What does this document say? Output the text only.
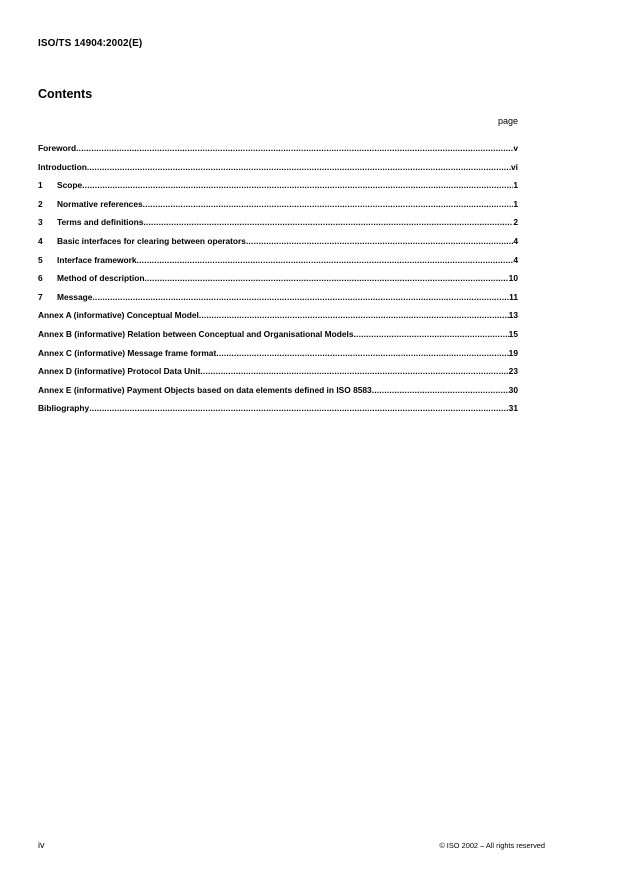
ISO/TS 14904:2002(E)
Contents
page
Foreword .....	v
Introduction .....	vi
1	Scope .....	1
2	Normative references .....	1
3	Terms and definitions .....	2
4	Basic interfaces for clearing between operators .....	4
5	Interface framework .....	4
6	Method of description .....	10
7	Message .....	11
Annex A (informative) Conceptual Model .....	13
Annex B (informative) Relation between Conceptual and Organisational Models .....	15
Annex C (informative) Message frame format .....	19
Annex D (informative) Protocol Data Unit .....	23
Annex E (informative) Payment Objects based on data elements defined in ISO 8583 .....	30
Bibliography .....	31
iv	© ISO 2002 – All rights reserved
